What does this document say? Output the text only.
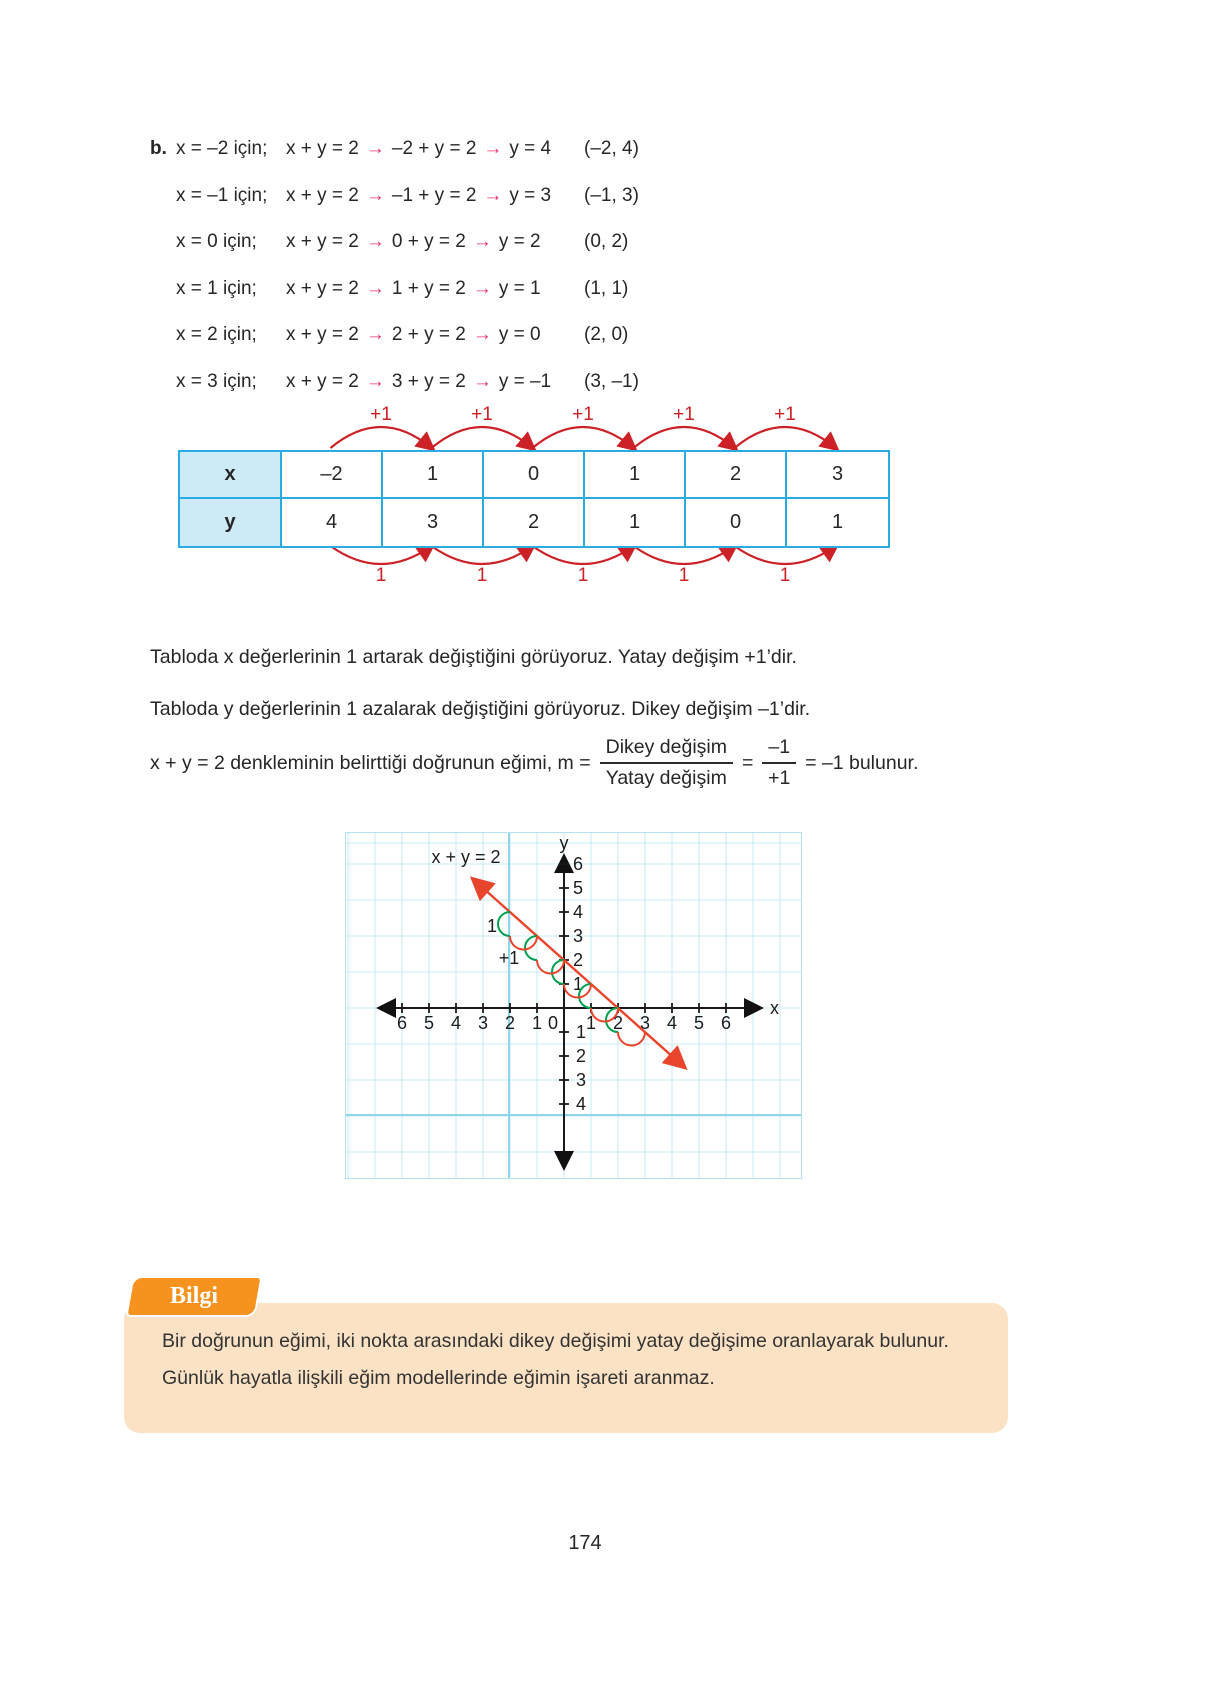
b. x = –2 için; x + y = 2 → –2 + y = 2 → y = 4 (–2, 4)
x = –1 için; x + y = 2 → –1 + y = 2 → y = 3 (–1, 3)
x = 0 için;	x + y = 2 → 0 + y = 2 → y = 2 (0, 2)
x = 1 için;	x + y = 2 → 1 + y = 2 → y = 1 (1, 1)
x = 2 için;	x + y = 2 → 2 + y = 2 → y = 0 (2, 0)
x = 3 için;	x + y = 2 → 3 + y = 2 → y = –1 (3, –1)
+1	+1	+1	+1	+1
1	1	1	1	1
x	–2	1	0	1	2	3
y	4	3	2	1	0	1

Tabloda x değerlerinin 1 artarak değiştiğini görüyoruz. Yatay değişim +1’dir.

Tabloda y değerlerinin 1 azalarak değiştiğini görüyoruz. Dikey değişim –1’dir.

x + y = 2 denkleminin belirttiği doğrunun eğimi, $m = \frac{\text{Dikey değişim}}{\text{Yatay değişim}} = \frac{-1}{+1} = -1$ bulunur.
6 5 4 3 2 1 0 1 2 3 4 5 6
6
5
4
3
2
1
1
2
3
4
y
x
x + y = 2
1
+1
Bilgi

Bir doğrunun eğimi, iki nokta arasındaki dikey değişimi yatay değişime oranlayarak bulunur.

Günlük hayatla ilişkili eğim modellerinde eğimin işareti aranmaz.

174
